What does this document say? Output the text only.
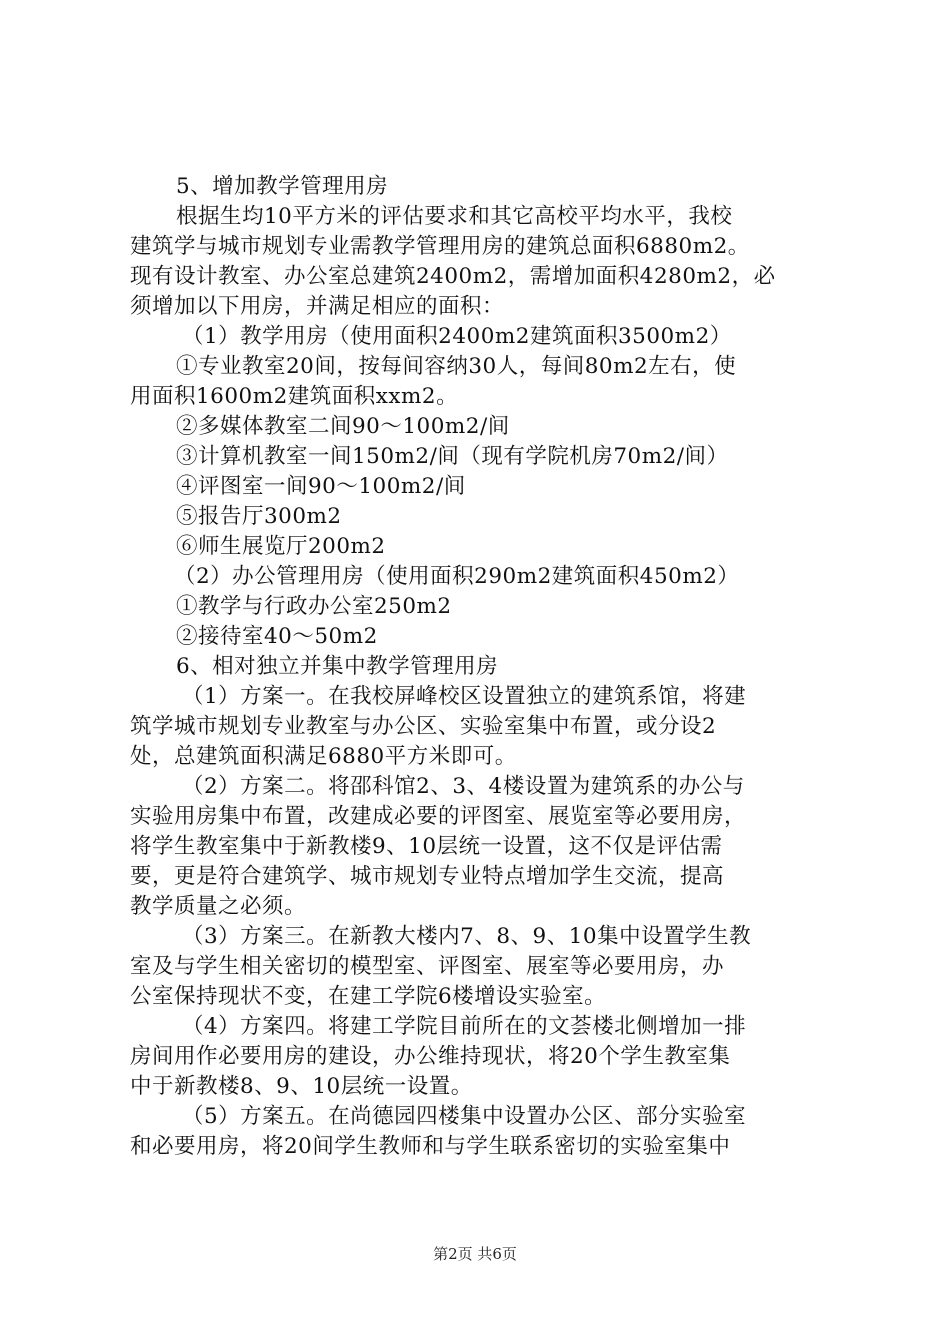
5、增加教学管理用房
根据生均10平方米的评估要求和其它高校平均水平，我校
建筑学与城市规划专业需教学管理用房的建筑总面积6880m2。
现有设计教室、办公室总建筑2400m2，需增加面积4280m2，必
须增加以下用房，并满足相应的面积：
（1）教学用房（使用面积2400m2建筑面积3500m2）
①专业教室20间，按每间容纳30人，每间80m2左右，使
用面积1600m2建筑面积xxm2。
②多媒体教室二间90～100m2/间
③计算机教室一间150m2/间（现有学院机房70m2/间）
④评图室一间90～100m2/间
⑤报告厅300m2
⑥师生展览厅200m2
（2）办公管理用房（使用面积290m2建筑面积450m2）
①教学与行政办公室250m2
②接待室40～50m2
6、相对独立并集中教学管理用房
（1）方案一。在我校屏峰校区设置独立的建筑系馆，将建
筑学城市规划专业教室与办公区、实验室集中布置，或分设2
处，总建筑面积满足6880平方米即可。
（2）方案二。将邵科馆2、3、4楼设置为建筑系的办公与
实验用房集中布置，改建成必要的评图室、展览室等必要用房，
将学生教室集中于新教楼9、10层统一设置，这不仅是评估需
要，更是符合建筑学、城市规划专业特点增加学生交流，提高
教学质量之必须。
（3）方案三。在新教大楼内7、8、9、10集中设置学生教
室及与学生相关密切的模型室、评图室、展室等必要用房，办
公室保持现状不变，在建工学院6楼增设实验室。
（4）方案四。将建工学院目前所在的文荟楼北侧增加一排
房间用作必要用房的建设，办公维持现状，将20个学生教室集
中于新教楼8、9、10层统一设置。
（5）方案五。在尚德园四楼集中设置办公区、部分实验室
和必要用房，将20间学生教师和与学生联系密切的实验室集中
第2页 共6页
